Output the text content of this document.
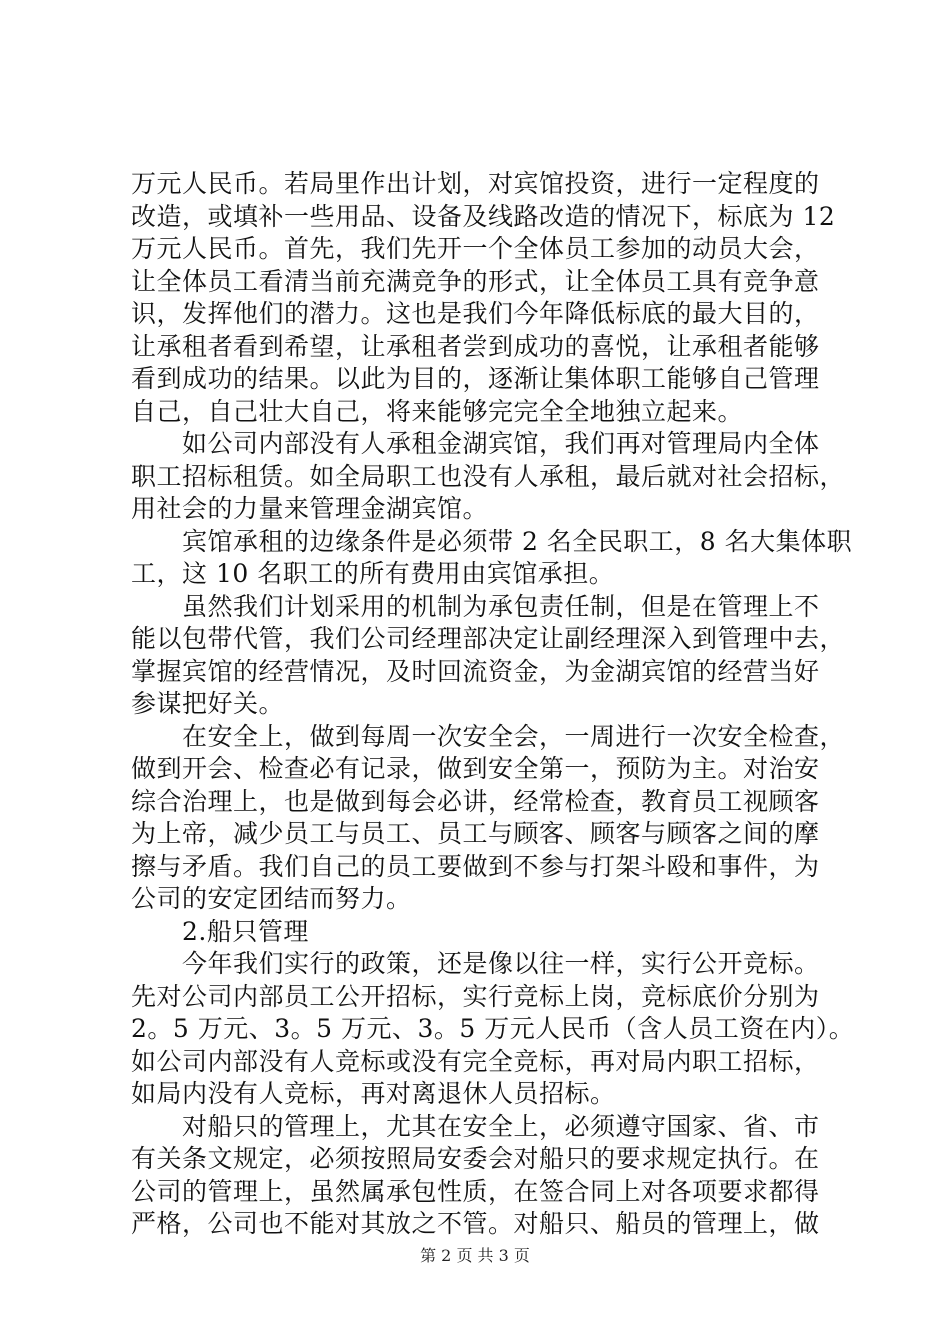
万元人民币。若局里作出计划，对宾馆投资，进行一定程度的
改造，或填补一些用品、设备及线路改造的情况下，标底为 12
万元人民币。首先，我们先开一个全体员工参加的动员大会，
让全体员工看清当前充满竞争的形式，让全体员工具有竞争意
识，发挥他们的潜力。这也是我们今年降低标底的最大目的，
让承租者看到希望，让承租者尝到成功的喜悦，让承租者能够
看到成功的结果。以此为目的，逐渐让集体职工能够自己管理
自己，自己壮大自己，将来能够完完全全地独立起来。
　　如公司内部没有人承租金湖宾馆，我们再对管理局内全体
职工招标租赁。如全局职工也没有人承租，最后就对社会招标，
用社会的力量来管理金湖宾馆。
　　宾馆承租的边缘条件是必须带 2 名全民职工，8 名大集体职
工，这 10 名职工的所有费用由宾馆承担。
　　虽然我们计划采用的机制为承包责任制，但是在管理上不
能以包带代管，我们公司经理部决定让副经理深入到管理中去，
掌握宾馆的经营情况，及时回流资金，为金湖宾馆的经营当好
参谋把好关。
　　在安全上，做到每周一次安全会，一周进行一次安全检查，
做到开会、检查必有记录，做到安全第一，预防为主。对治安
综合治理上，也是做到每会必讲，经常检查，教育员工视顾客
为上帝，减少员工与员工、员工与顾客、顾客与顾客之间的摩
擦与矛盾。我们自己的员工要做到不参与打架斗殴和事件，为
公司的安定团结而努力。
　　2.船只管理
　　今年我们实行的政策，还是像以往一样，实行公开竞标。
先对公司内部员工公开招标，实行竞标上岗，竞标底价分别为
2。5 万元、3。5 万元、3。5 万元人民币（含人员工资在内）。
如公司内部没有人竞标或没有完全竞标，再对局内职工招标，
如局内没有人竞标，再对离退休人员招标。
　　对船只的管理上，尤其在安全上，必须遵守国家、省、市
有关条文规定，必须按照局安委会对船只的要求规定执行。在
公司的管理上，虽然属承包性质，在签合同上对各项要求都得
严格，公司也不能对其放之不管。对船只、船员的管理上，做
第 2 页 共 3 页
